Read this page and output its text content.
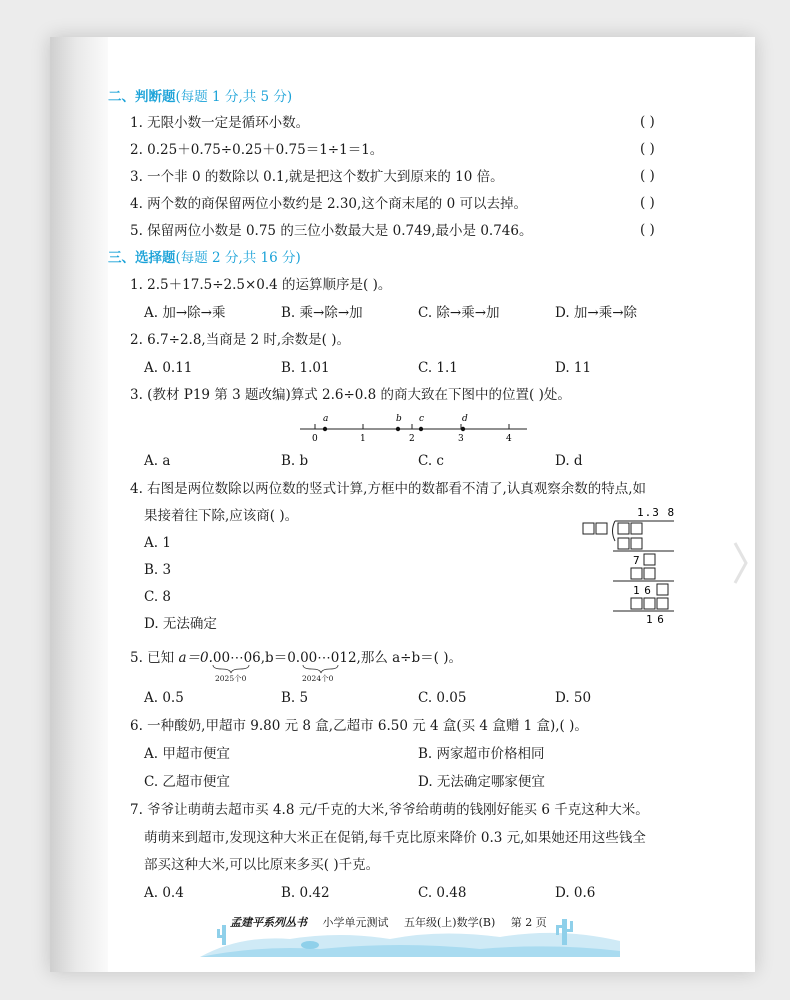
二、判断题(每题 1 分,共 5 分)
1. 无限小数一定是循环小数。	( )
2. 0.25＋0.75÷0.25＋0.75＝1÷1＝1。	( )
3. 一个非 0 的数除以 0.1,就是把这个数扩大到原来的 10 倍。	( )
4. 两个数的商保留两位小数约是 2.30,这个商末尾的 0 可以去掉。	( )
5. 保留两位小数是 0.75 的三位小数最大是 0.749,最小是 0.746。	( )
三、选择题(每题 2 分,共 16 分)
1. 2.5＋17.5÷2.5×0.4 的运算顺序是( )。
A. 加→除→乘	B. 乘→除→加	C. 除→乘→加	D. 加→乘→除
2. 6.7÷2.8,当商是 2 时,余数是( )。
A. 0.11	B. 1.01	C. 1.1	D. 11
3. (教材 P19 第 3 题改编)算式 2.6÷0.8 的商大致在下图中的位置( )处。
0	1	2	3	4
a	b c	d
A. a	B. b	C. c	D. d
4. 右图是两位数除以两位数的竖式计算,方框中的数都看不清了,认真观察余数的特点,如
果接着往下除,应该商( )。
A. 1
B. 3
C. 8
D. 无法确定
1.3 8
7
1 6
1 6
5. 已知 a＝0.00⋯06,b＝0.00⋯012,那么 a÷b＝( )。
2025个0	2024个0
A. 0.5	B. 5	C. 0.05	D. 50
6. 一种酸奶,甲超市 9.80 元 8 盒,乙超市 6.50 元 4 盒(买 4 盒赠 1 盒),( )。
A. 甲超市便宜	B. 两家超市价格相同
C. 乙超市便宜	D. 无法确定哪家便宜
7. 爷爷让萌萌去超市买 4.8 元/千克的大米,爷爷给萌萌的钱刚好能买 6 千克这种大米。
萌萌来到超市,发现这种大米正在促销,每千克比原来降价 0.3 元,如果她还用这些钱全
部买这种大米,可以比原来多买( )千克。
A. 0.4	B. 0.42	C. 0.48	D. 0.6
孟建平系列丛书 小学单元测试 五年级(上)数学(B) 第 2 页
